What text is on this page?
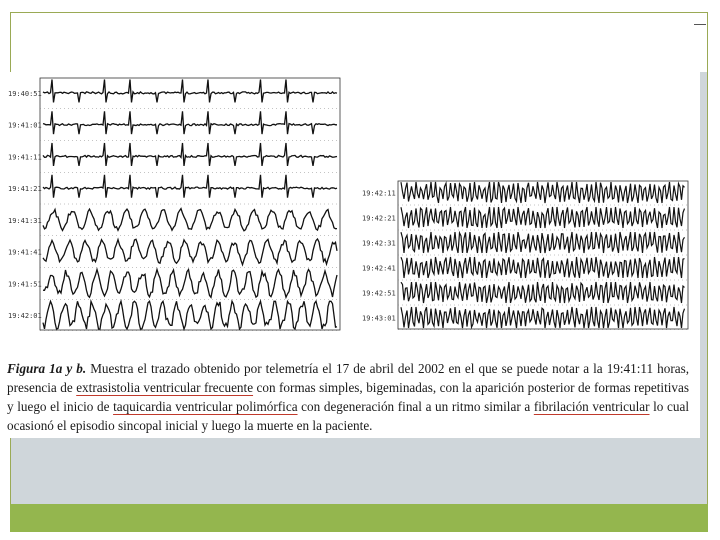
19:40:51
19:41:01
19:41:11
19:41:21
19:41:31
19:41:41
19:41:51
19:42:01
19:42:11
19:42:21
19:42:31
19:42:41
19:42:51
19:43:01
Figura 1a y b. Muestra el trazado obtenido por telemetría el 17 de abril del 2002 en el que se puede notar a la 19:41:11 horas, presencia de extrasistolia ventricular frecuente con formas simples, bigeminadas, con la aparición posterior de formas repetitivas y luego el inicio de taquicardia ventricular polimórfica con degeneración final a un ritmo similar a fibrilación ventricular lo cual ocasionó el episodio sincopal inicial y luego la muerte en la paciente.
